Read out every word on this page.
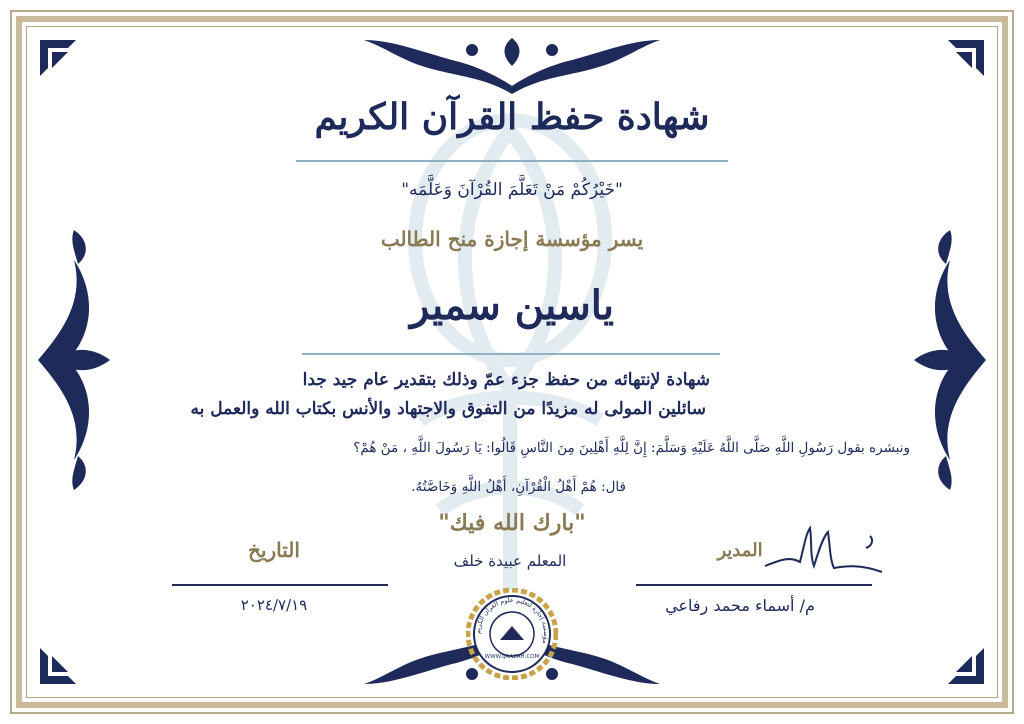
شهادة حفظ القرآن الكريم
"خَيْرُكُمْ مَنْ تَعَلَّمَ القُرْآنَ وَعَلَّمَه"
يسر مؤسسة إجازة منح الطالب
ياسين سمير
شهادة لإنتهائه من حفظ جزء عمّ وذلك بتقدير عام جيد جدا
سائلين المولى له مزيدًا من التفوق والاجتهاد والأنس بكتاب الله والعمل به
ونبشره بقول رَسُولِ اللَّهِ صَلَّى اللَّهُ عَلَيْهِ وَسَلَّمَ: إِنَّ لِلَّهِ أَهْلِينَ مِنَ النَّاسِ قَالُوا: يَا رَسُولَ اللَّهِ ، مَنْ هُمْ؟
قال: هُمْ أَهْلُ الْقُرْآنِ، أَهْلُ اللَّهِ وَخَاصَّتُهُ.
"بارك الله فيك"
المعلم عبيدة خلف
التاريخ
٢٠٢٤/٧/١٩
المدير
م/ أسماء محمد رفاعي
مؤسسة إجازة لتعليم علوم القرآن الكريم
WWW.IJAAZAH.COM
